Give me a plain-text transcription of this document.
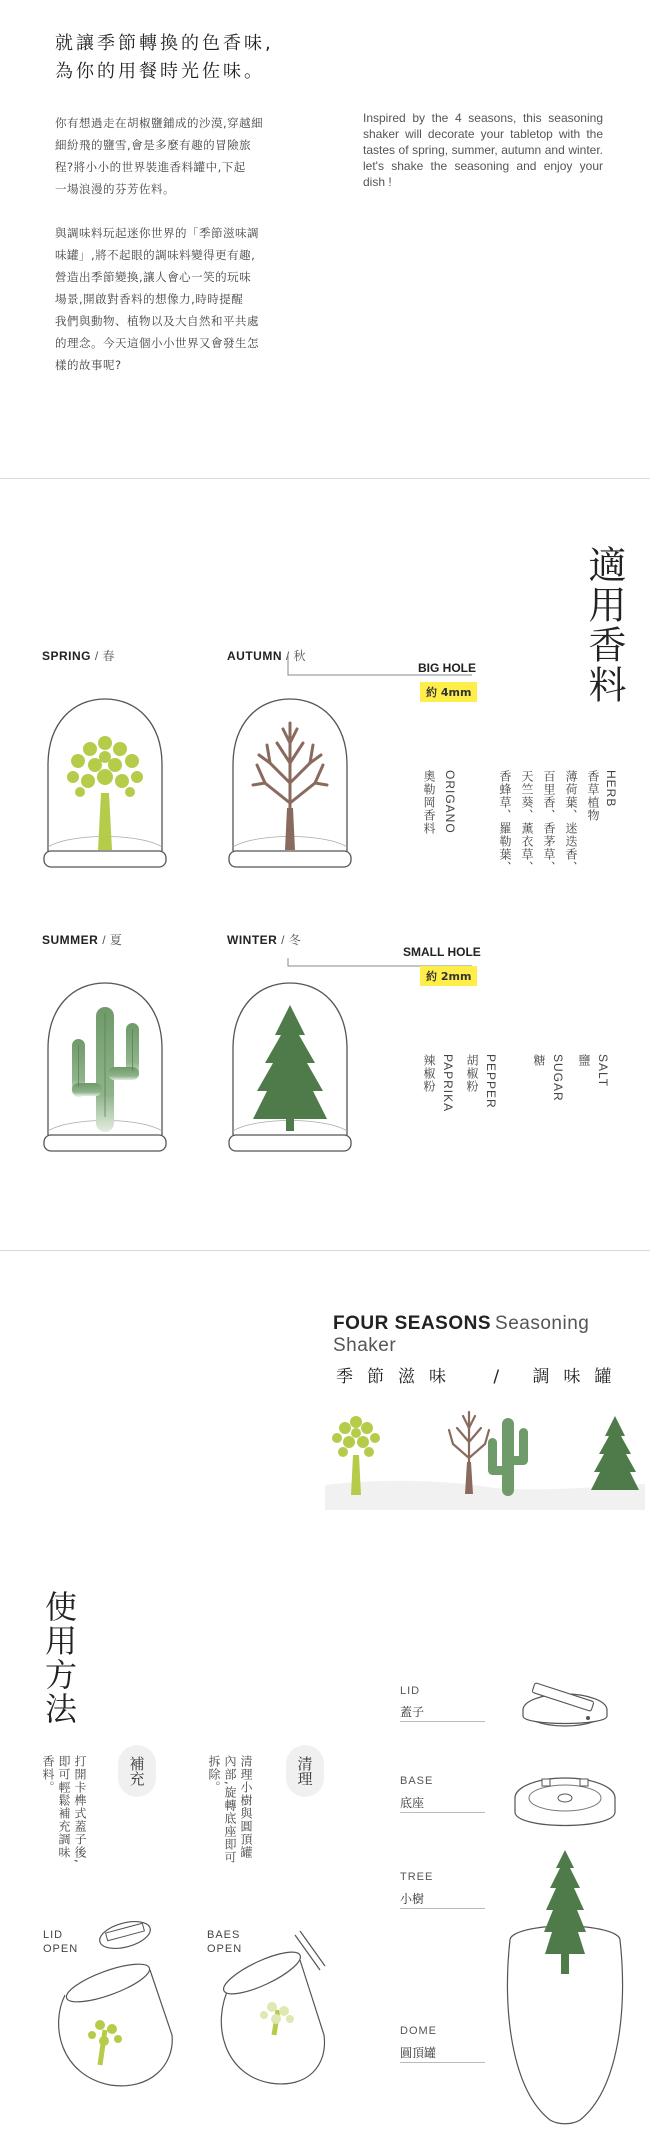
就讓季節轉換的色香味,
為你的用餐時光佐味。
你有想過走在胡椒鹽鋪成的沙漠,穿越細
細紛飛的鹽雪,會是多麼有趣的冒險旅
程?將小小的世界裝進香料罐中,下起
一場浪漫的芬芳佐料。
與調味料玩起迷你世界的「季節滋味調
味罐」,將不起眼的調味料變得更有趣,
營造出季節變換,讓人會心一笑的玩味
場景,開啟對香料的想像力,時時提醒
我們與動物、植物以及大自然和平共處
的理念。今天這個小小世界又會發生怎
樣的故事呢?
Inspired by the 4 seasons, this seasoning shaker will decorate your tabletop with the tastes of spring, summer, autumn and winter. let's shake the seasoning and enjoy your dish !
適用香料
SPRING / 春	AUTUMN / 秋
SUMMER / 夏	WINTER / 冬
BIG HOLE
約 4mm
SMALL HOLE
約 2mm
HERB
香草植物
薄荷葉、迷迭香、
百里香、香茅草、
天竺葵、薰衣草、
香蜂草、羅勒葉、
ORIGANO
奧勒岡香料
SALT
鹽
SUGAR
糖
PEPPER
胡椒粉
PAPRIKA
辣椒粉
FOUR SEASONS Seasoning Shaker
季節滋味 / 調味罐
使用方法
補充
打開卡榫式蓋子後,即可輕鬆補充調味香料。	清理
清理小樹與圓頂罐內部,旋轉底座即可拆除。
LID
OPEN
BAES
OPEN
LID
蓋子
BASE
底座
TREE
小樹
DOME
圓頂罐
